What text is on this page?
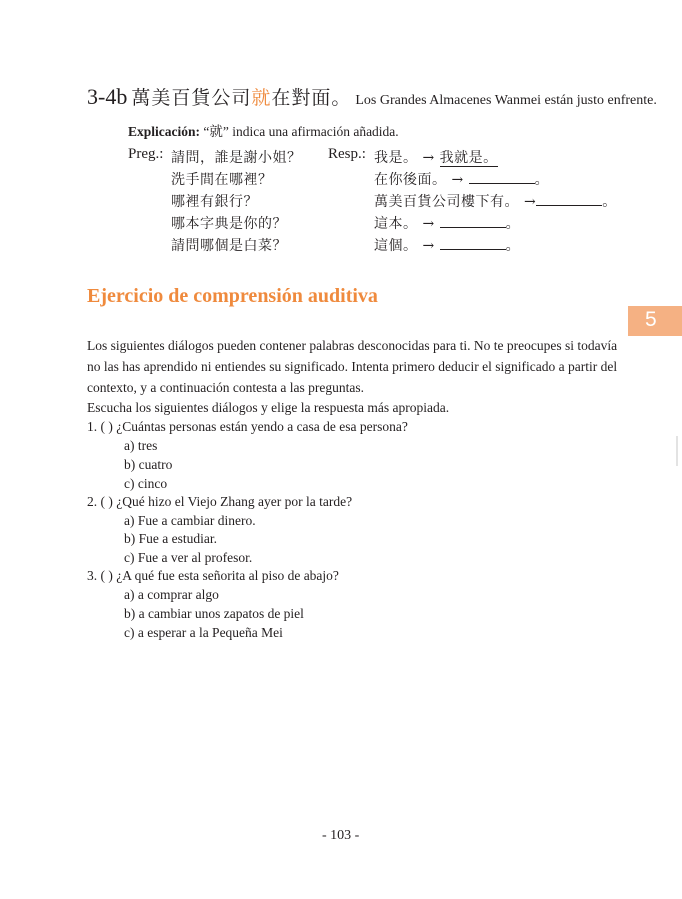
3-4b 萬美百貨公司就在對面。 Los Grandes Almacenes Wanmei están justo enfrente.
Explicación: “就” indica una afirmación añadida.
Preg.:	Resp.:
請問，誰是謝小姐？	我是。 → 我就是。
洗手間在哪裡？	在你後面。 →	。
哪裡有銀行？	萬美百貨公司樓下有。 →	。
哪本字典是你的？	這本。 →	。
請問哪個是白菜？	這個。 →	。
Ejercicio de comprensión auditiva
5
Los siguientes diálogos pueden contener palabras desconocidas para ti. No te preocupes si todavía
no las has aprendido ni entiendes su significado. Intenta primero deducir el significado a partir del
contexto, y a continuación contesta a las preguntas.
Escucha los siguientes diálogos y elige la respuesta más apropiada.
1. ( ) ¿Cuántas personas están yendo a casa de esa persona?
a) tres
b) cuatro
c) cinco
2. ( ) ¿Qué hizo el Viejo Zhang ayer por la tarde?
a) Fue a cambiar dinero.
b) Fue a estudiar.
c) Fue a ver al profesor.
3. ( ) ¿A qué fue esta señorita al piso de abajo?
a) a comprar algo
b) a cambiar unos zapatos de piel
c) a esperar a la Pequeña Mei
- 103 -
